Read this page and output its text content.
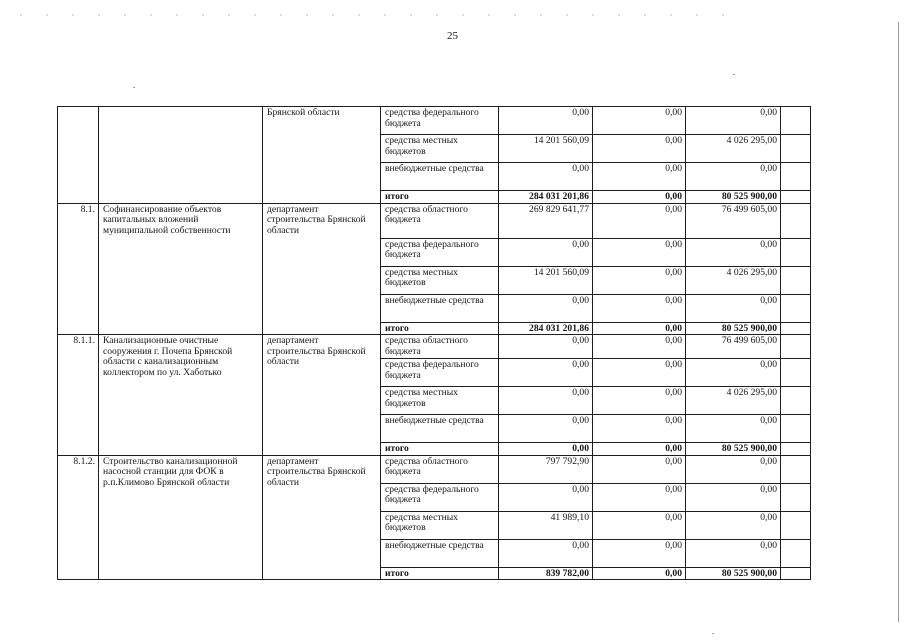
25
		Брянской области	средства федерального бюджета	0,00	0,00	0,00	
			средства местных бюджетов	14 201 560,09	0,00	4 026 295,00	
			внебюджетные средства	0,00	0,00	0,00	
			итого	284 031 201,86	0,00	80 525 900,00	
8.1.	Софинансирование объектов капитальных вложений муниципальной собственности	департамент строительства Брянской области	средства областного бюджета	269 829 641,77	0,00	76 499 605,00	
			средства федерального бюджета	0,00	0,00	0,00	
			средства местных бюджетов	14 201 560,09	0,00	4 026 295,00	
			внебюджетные средства	0,00	0,00	0,00	
			итого	284 031 201,86	0,00	80 525 900,00	
8.1.1.	Канализационные очистные сооружения г. Почепа Брянской области с канализационным коллектором по ул. Хаботько	департамент строительства Брянской области	средства областного бюджета	0,00	0,00	76 499 605,00	
			средства федерального бюджета	0,00	0,00	0,00	
			средства местных бюджетов	0,00	0,00	4 026 295,00	
			внебюджетные средства	0,00	0,00	0,00	
			итого	0,00	0,00	80 525 900,00	
8.1.2.	Строительство канализационной насосной станции для ФОК в р.п.Климово Брянской области	департамент строительства Брянской области	средства областного бюджета	797 792,90	0,00	0,00	
			средства федерального бюджета	0,00	0,00	0,00	
			средства местных бюджетов	41 989,10	0,00	0,00	
			внебюджетные средства	0,00	0,00	0,00	
			итого	839 782,00	0,00	80 525 900,00	
